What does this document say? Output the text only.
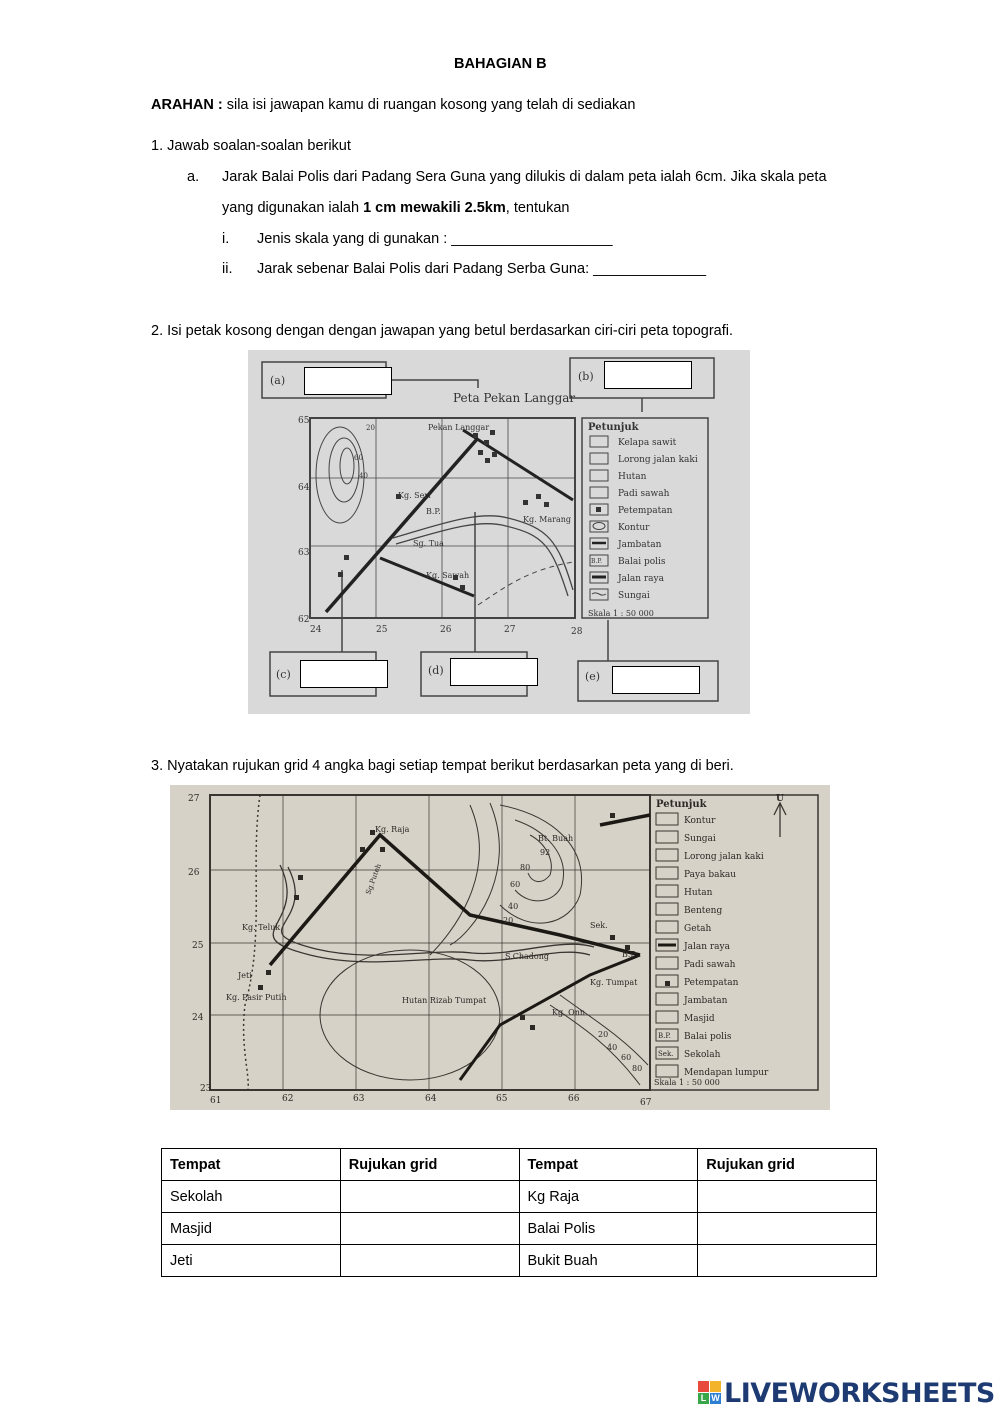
BAHAGIAN B
ARAHAN : sila isi jawapan kamu di ruangan kosong yang telah di sediakan
1. Jawab soalan-soalan berikut
a. Jarak Balai Polis dari Padang Sera Guna yang dilukis di dalam peta ialah 6cm. Jika skala peta
yang digunakan ialah 1 cm mewakili 2.5km, tentukan
i. Jenis skala yang di gunakan : ____________________
ii. Jarak sebenar Balai Polis dari Padang Serba Guna: ______________
2. Isi petak kosong dengan dengan jawapan yang betul berdasarkan ciri-ciri peta topografi.
Peta Pekan Langgar
(a)	(b)
(c)	(d)	(e)
65
64
63
62
24	25	26	27	28
20
40
60
Pekan Langgar
Kg. Seri
B.P.
Kg. Marang
Sg. Tua
Kg. Sawah
Petunjuk
Kelapa sawit
Lorong jalan kaki
Hutan
Padi sawah
Petempatan
Kontur
Jambatan
Balai polis
Jalan raya
Sungai
B.P.
Skala 1 : 50 000
3. Nyatakan rujukan grid 4 angka bagi setiap tempat berikut berdasarkan peta yang di beri.
27
26
25
24
23
61	62	63	64	65	66	67
Kg. Raja
Bt. Buah
Sg.Puteh
Kg. Teluk
Jeti
Kg. Pasir Putih
S.Chadong
Sek.
B.P
Kg. Tumpat
Hutan Rizab Tumpat
Kg. Onn
92
80
60
40
20
20
40
60
80
Petunjuk	U
Kontur
Sungai
Lorong jalan kaki
Paya bakau
Hutan
Benteng
Getah
Jalan raya
Padi sawah
Petempatan
Jambatan
Masjid
Balai polis
Sekolah
Mendapan lumpur
B.P.
Sek.
Skala 1 : 50 000
Tempat	Rujukan grid	Tempat	Rujukan grid
Sekolah		Kg Raja	
Masjid		Balai Polis	
Jeti		Bukit Buah	
L W LIVEWORKSHEETS
